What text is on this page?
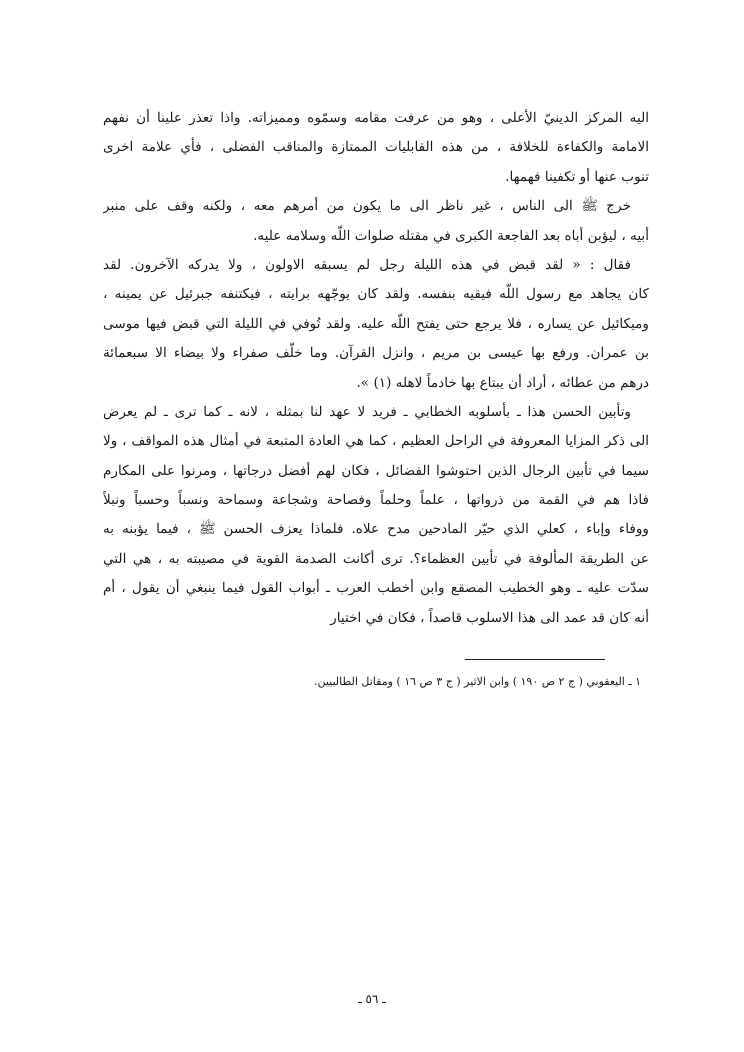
اليه المركز الدينيّ الأعلى ، وهو من عرفت مقامه وسمّوه ومميزاته. واذا تعذر علينا أن نفهم
الامامة والكفاءة للخلافة ، من هذه القابليات الممتازة والمناقب الفضلى ، فأي علامة اخرى
تنوب عنها أو تكفينا فهمها.
خرج ﷺ الى الناس ، غير ناظر الى ما يكون من أمرهم معه ، ولكنه وقف على منبر
أبيه ، ليؤبن أباه بعد الفاجعة الكبرى في مقتله صلوات اللّه وسلامه عليه.
فقال : « لقد قبض في هذه الليلة رجل لم يسبقه الاولون ، ولا يدركه الآخرون. لقد
كان يجاهد مع رسول اللّه فيقيه بنفسه. ولقد كان يوجّهه برايته ، فيكتنفه جبرئيل عن يمينه ،
وميكائيل عن يساره ، فلا يرجع حتى يفتح اللّه عليه. ولقد تُوفي في الليلة التي قبض فيها موسى
بن عمران. ورفع بها عيسى بن مريم ، وانزل القرآن. وما خلّف صفراء ولا بيضاء الا سبعمائة
درهم من عطائه ، أراد أن يبتاع بها خادماً لاهله (١) ».
وتأبين الحسن هذا ـ بأسلوبه الخطابي ـ فريد لا عهد لنا بمثله ، لانه ـ كما ترى ـ لم يعرض
الى ذكر المزايا المعروفة في الراحل العظيم ، كما هي العادة المتبعة في أمثال هذه المواقف ، ولا
سيما في تأبين الرجال الذين احتوشوا الفضائل ، فكان لهم أفضل درجاتها ، ومرنوا على المكارم
فاذا هم في القمة من ذرواتها ، علماً وحلماً وفصاحة وشجاعة وسماحة ونسباً وحسباً ونبلاً
ووفاء وإباء ، كعلي الذي حيّر المادحين مدح علاه. فلماذا يعزف الحسن ﷺ ، فيما يؤبنه به
عن الطريقة المألوفة في تأبين العظماء؟. ترى أكانت الصدمة القوية في مصيبته به ، هي التي
سدّت عليه ـ وهو الخطيب المصقع وابن أخطب العرب ـ أبواب القول فيما ينبغي أن يقول ، أم
أنه كان قد عمد الى هذا الاسلوب قاصداً ، فكان في اختيار
١ ـ اليعقوبي ( ج ٢ ص ١٩٠ ) وابن الاثير ( ج ٣ ص ١٦ ) ومقاتل الطالبيين.
ـ ٥٦ ـ
